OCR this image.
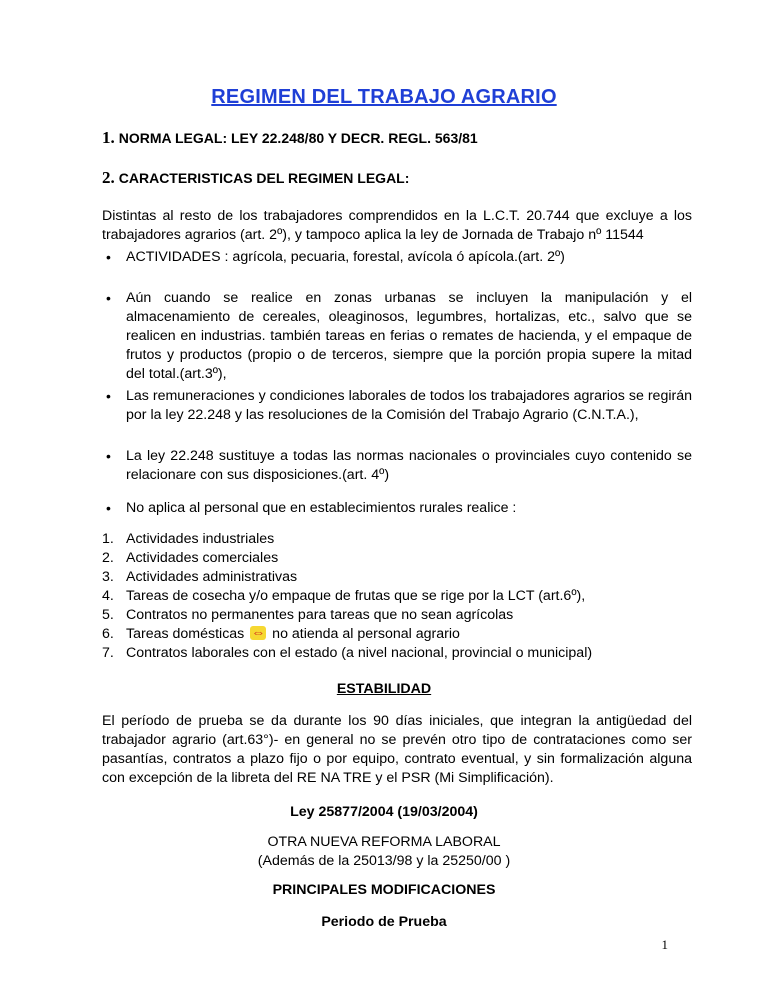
REGIMEN DEL TRABAJO AGRARIO
1. NORMA LEGAL: LEY 22.248/80 Y DECR. REGL. 563/81
2. CARACTERISTICAS DEL REGIMEN LEGAL:
Distintas al resto de los trabajadores comprendidos en la L.C.T. 20.744 que excluye a los trabajadores agrarios (art. 2º), y tampoco aplica la ley de Jornada de Trabajo nº 11544
• ACTIVIDADES : agrícola, pecuaria, forestal, avícola ó apícola.(art. 2º)
• Aún cuando se realice en zonas urbanas se incluyen la manipulación y el almacenamiento de cereales, oleaginosos, legumbres, hortalizas, etc., salvo que se realicen en industrias. también tareas en ferias o remates de hacienda, y el empaque de frutos y productos (propio o de terceros, siempre que la porción propia supere la mitad del total.(art.3º),
• Las remuneraciones y condiciones laborales de todos los trabajadores agrarios se regirán por la ley 22.248 y las resoluciones de la Comisión del Trabajo Agrario (C.N.T.A.),
• La ley 22.248 sustituye a todas las normas nacionales o provinciales cuyo contenido se relacionare con sus disposiciones.(art. 4º)
• No aplica al personal que en establecimientos rurales realice :
1. Actividades industriales
2. Actividades comerciales
3. Actividades administrativas
4. Tareas de cosecha y/o empaque de frutas que se rige por la LCT (art.6º),
5. Contratos no permanentes para tareas que no sean agrícolas
6. Tareas domésticas ⇔ no atienda al personal agrario
7. Contratos laborales con el estado (a nivel nacional, provincial o municipal)
ESTABILIDAD
El período de prueba se da durante los 90 días iniciales, que integran la antigüedad del trabajador agrario (art.63°)- en general no se prevén otro tipo de contrataciones como ser pasantías, contratos a plazo fijo o por equipo, contrato eventual, y sin formalización alguna con excepción de la libreta del RE NA TRE y el PSR (Mi Simplificación).
Ley 25877/2004 (19/03/2004)
OTRA NUEVA REFORMA LABORAL
(Además de la 25013/98 y la 25250/00 )
PRINCIPALES MODIFICACIONES
Periodo de Prueba
1
